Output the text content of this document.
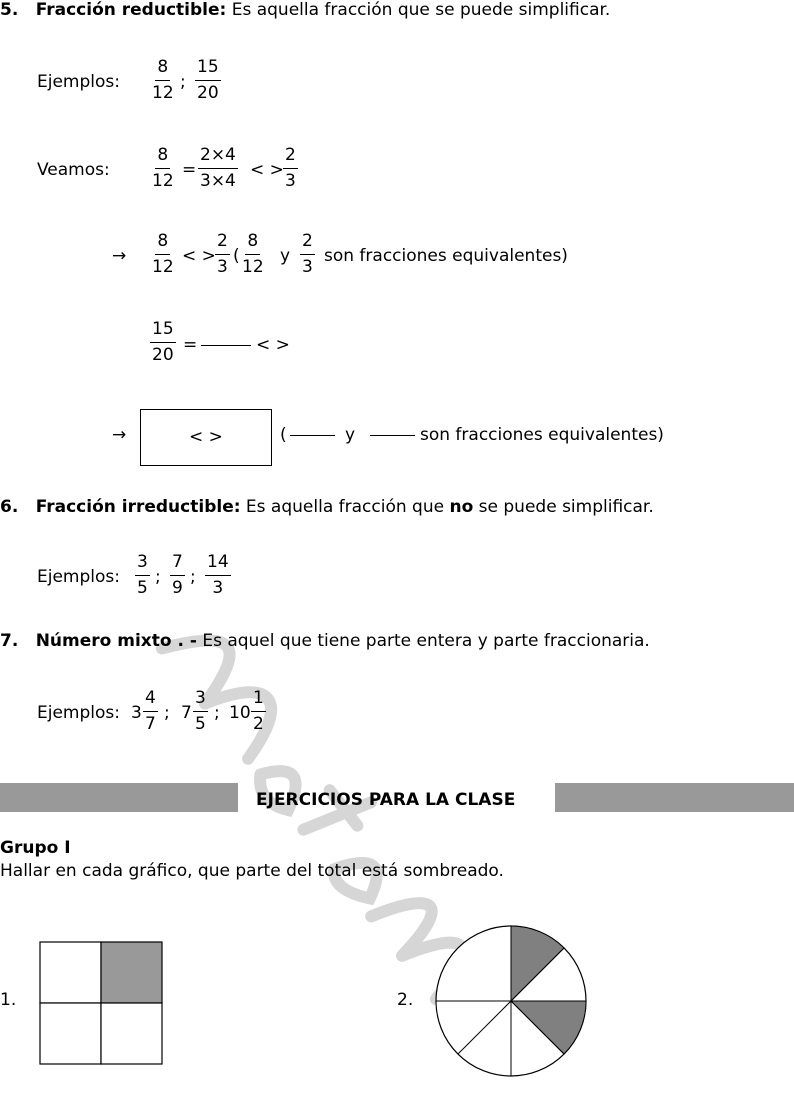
5. Fracción reductible: Es aquella fracción que se puede simplificar.
Ejemplos: $\frac{8}{12}$ ; $\frac{15}{20}$
Veamos: $\frac{8}{12} = \frac{2\times 4}{3\times 4}$ < > $\frac{2}{3}$
→ $\frac{8}{12}$ < > $\frac{2}{3}$ ( $\frac{8}{12}$ y $\frac{2}{3}$ son fracciones equivalentes)
$\frac{15}{20}$ =	< >
→	< >	(	y	son fracciones equivalentes)
6. Fracción irreductible: Es aquella fracción que no se puede simplificar.
Ejemplos: $\frac{3}{5}$ ; $\frac{7}{9}$ ; $\frac{14}{3}$
7. Número mixto . - Es aquel que tiene parte entera y parte fraccionaria.
Ejemplos: $3 \frac{4}{7}$ ; $7 \frac{3}{5}$ ; $10 \frac{1}{2}$
EJERCICIOS PARA LA CLASE
Grupo I
Hallar en cada gráfico, que parte del total está sombreado.
1.	2.
